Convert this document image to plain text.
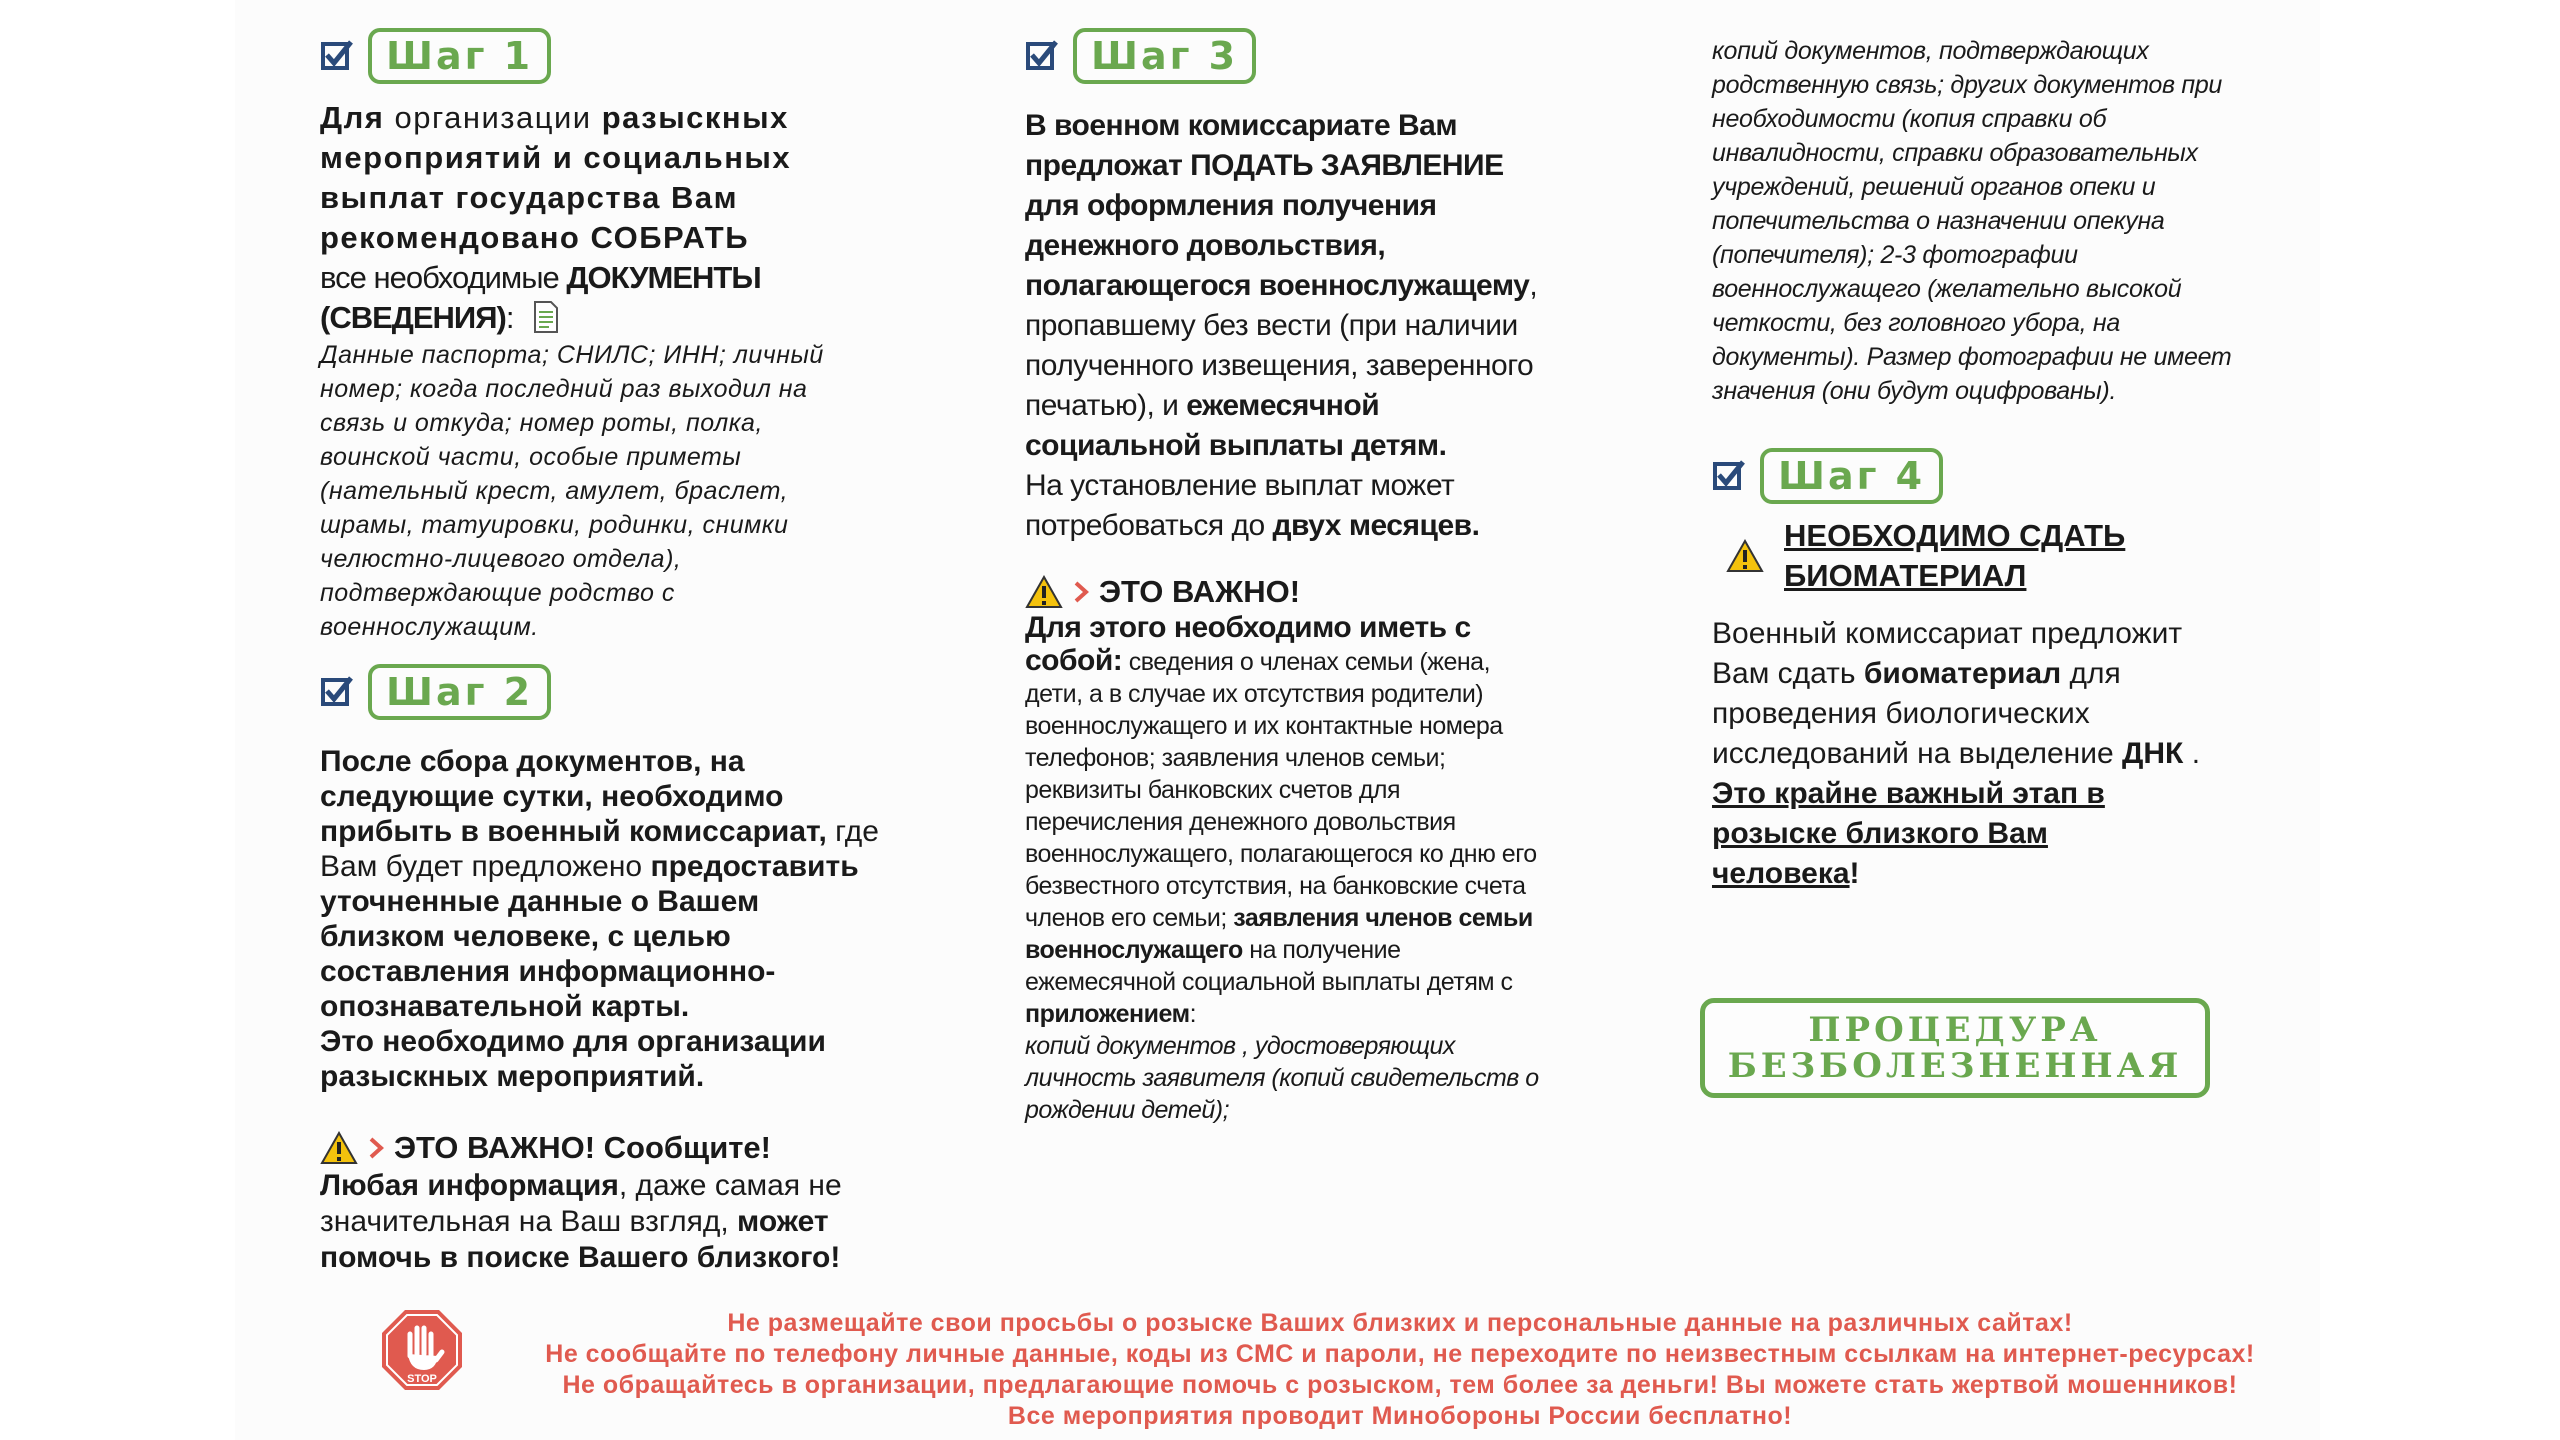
Шаг 1
Для организации разыскных мероприятий и социальных выплат государства Вам рекомендовано СОБРАТЬ
все необходимые ДОКУМЕНТЫ (СВЕДЕНИЯ):
Данные паспорта; СНИЛС; ИНН; личный номер; когда последний раз выходил на связь и откуда; номер роты, полка, воинской части, особые приметы (нательный крест, амулет, браслет, шрамы, татуировки, родинки, снимки челюстно-лицевого отдела), подтверждающие родство с военнослужащим.
Шаг 2
После сбора документов, на следующие сутки, необходимо прибыть в военный комиссариат, где Вам будет предложено предоставить уточненные данные о Вашем близком человеке, с целью составления информационно-опознавательной карты.
Это необходимо для организации разыскных мероприятий.
ЭТО ВАЖНО! Сообщите!
Любая информация, даже самая не значительная на Ваш взгляд, может помочь в поиске Вашего близкого!
Шаг 3
В военном комиссариате Вам предложат ПОДАТЬ ЗАЯВЛЕНИЕ для оформления получения денежного довольствия, полагающегося военнослужащему, пропавшему без вести (при наличии полученного извещения, заверенного печатью), и ежемесячной социальной выплаты детям.
На установление выплат может потребоваться до двух месяцев.
ЭТО ВАЖНО!
Для этого необходимо иметь с собой: сведения о членах семьи (жена, дети, а в случае их отсутствия родители) военнослужащего и их контактные номера телефонов; заявления членов семьи; реквизиты банковских счетов для перечисления денежного довольствия военнослужащего, полагающегося ко дню его безвестного отсутствия, на банковские счета членов его семьи; заявления членов семьи военнослужащего на получение ежемесячной социальной выплаты детям с приложением:
копий документов , удостоверяющих личность заявителя (копий свидетельств о рождении детей);
копий документов, подтверждающих родственную связь; других документов при необходимости (копия справки об инвалидности, справки образовательных учреждений, решений органов опеки и попечительства о назначении опекуна (попечителя); 2-3 фотографии военнослужащего (желательно высокой четкости, без головного убора, на документы). Размер фотографии не имеет значения (они будут оцифрованы).
Шаг 4
НЕОБХОДИМО СДАТЬ БИОМАТЕРИАЛ
Военный комиссариат предложит Вам сдать биоматериал для проведения биологических исследований на выделение ДНК .
Это крайне важный этап в розыске близкого Вам человека!
ПРОЦЕДУРА
БЕЗБОЛЕЗНЕННАЯ
STOP
Не размещайте свои просьбы о розыске Ваших близких и персональные данные на различных сайтах!
Не сообщайте по телефону личные данные, коды из СМС и пароли, не переходите по неизвестным ссылкам на интернет-ресурсах!
Не обращайтесь в организации, предлагающие помочь с розыском, тем более за деньги! Вы можете стать жертвой мошенников!
Все мероприятия проводит Минобороны России бесплатно!
